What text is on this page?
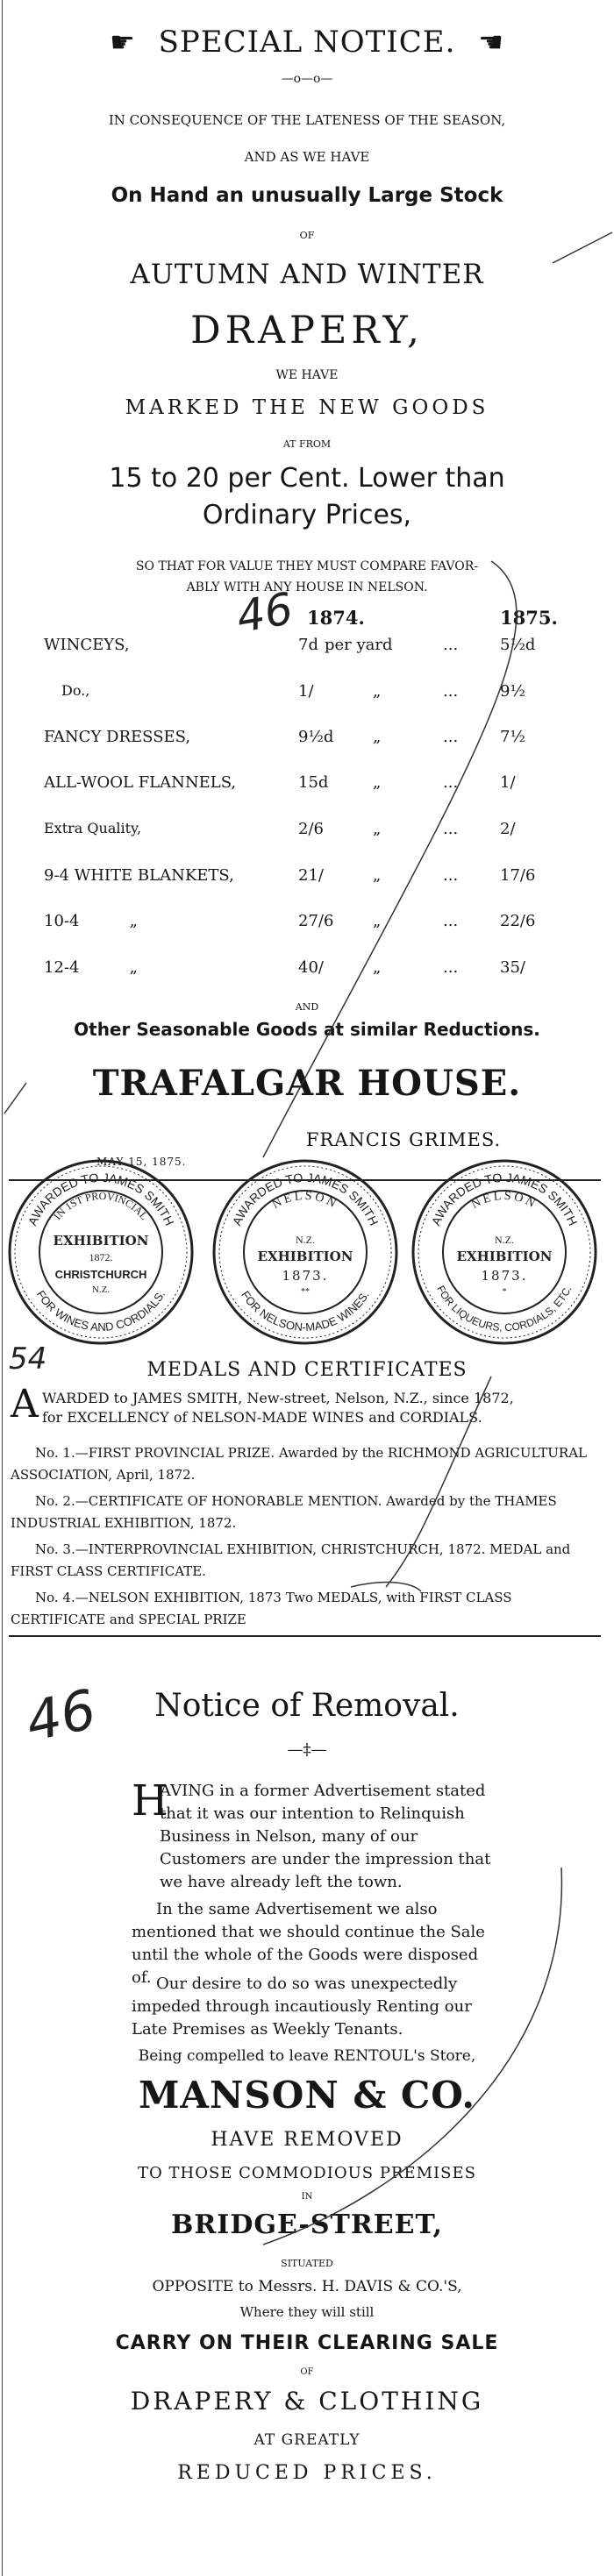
☛ SPECIAL NOTICE. ☚
—o—o—
IN CONSEQUENCE OF THE LATENESS OF THE SEASON,
AND AS WE HAVE
On Hand an unusually Large Stock
OF
AUTUMN AND WINTER
DRAPERY,
WE HAVE
MARKED THE NEW GOODS
AT FROM
15 to 20 per Cent. Lower than
Ordinary Prices,
SO THAT FOR VALUE THEY MUST COMPARE FAVOR-
ABLY WITH ANY HOUSE IN NELSON.
1874.	1875.
WINCEYS,	7d per yard	...	5½d
Do.,	1/	„	...	9½
FANCY DRESSES,	9½d „	...	7½
ALL-WOOL FLANNELS,	15d	„	...	1/
Extra Quality,	2/6	„	...	2/
9-4 WHITE BLANKETS,	21/	„	...	17/6
10-4          „	27/6 „	...	22/6
12-4          „	40/	„	...	35/
AND
Other Seasonable Goods at similar Reductions.
TRAFALGAR HOUSE.
FRANCIS GRIMES.
MAY 15, 1875.
AWARDED TO JAMES SMITH
FOR WINES AND CORDIALS.
IN 1ST PROVINCIAL
EXHIBITION
1872.
CHRISTCHURCH
N.Z.
AWARDED TO JAMES SMITH
FOR NELSON-MADE WINES.
NELSON
N.Z.
EXHIBITION
1873.
**
AWARDED TO JAMES SMITH
FOR LIQUEURS, CORDIALS, ETC.
NELSON
N.Z.
EXHIBITION
1873.
*
MEDALS AND CERTIFICATES
A WARDED to JAMES SMITH, New-street, Nelson, N.Z., since 1872,
for EXCELLENCY of NELSON-MADE WINES and CORDIALS.
No. 1.—FIRST PROVINCIAL PRIZE. Awarded by the RICHMOND AGRICULTURAL ASSOCIATION, April, 1872.
No. 2.—CERTIFICATE OF HONORABLE MENTION. Awarded by the THAMES INDUSTRIAL EXHIBITION, 1872.
No. 3.—INTERPROVINCIAL EXHIBITION, CHRISTCHURCH, 1872. MEDAL and FIRST CLASS CERTIFICATE.
No. 4.—NELSON EXHIBITION, 1873 Two MEDALS, with FIRST CLASS CERTIFICATE and SPECIAL PRIZE
Notice of Removal.
—‡—
H
AVING in a former Advertisement stated that it was our intention to Relinquish Business in Nelson, many of our Customers are under the impression that we have already left the town.
In the same Advertisement we also mentioned that we should continue the Sale until the whole of the Goods were disposed of. Our desire to do so was unexpectedly impeded through incautiously Renting our Late Premises as Weekly Tenants.
Being compelled to leave RENTOUL's Store,
MANSON & CO.
HAVE REMOVED
TO THOSE COMMODIOUS PREMISES
IN
BRIDGE-STREET,
SITUATED
OPPOSITE to Messrs. H. DAVIS & CO.'S,
Where they will still
CARRY ON THEIR CLEARING SALE
OF
DRAPERY & CLOTHING
AT GREATLY
REDUCED PRICES.
46
54
46
